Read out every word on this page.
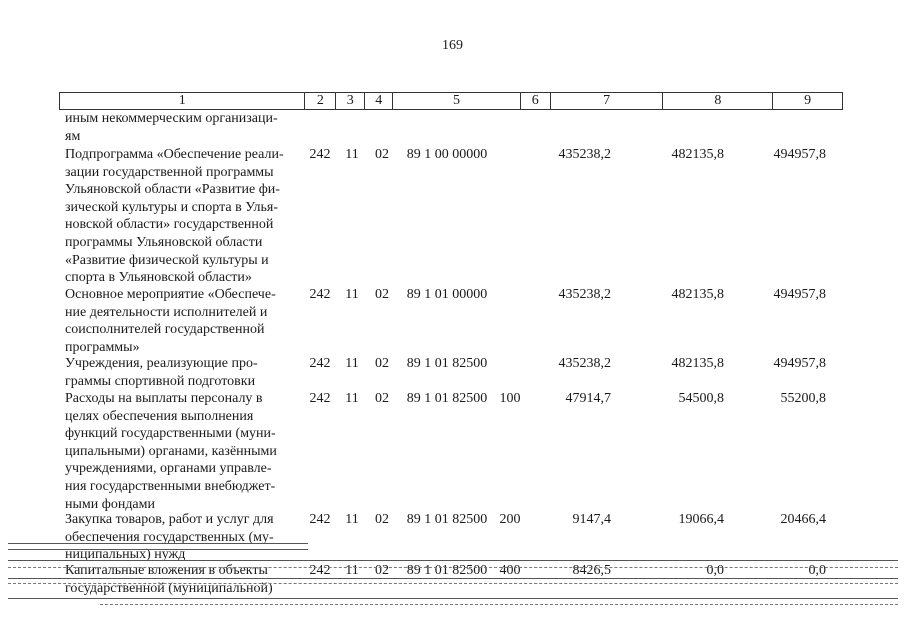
169
1	2	3	4	5	6	7	8	9
иным некоммерческим организаци-
ям
Подпрограмма «Обеспечение реали-
зации государственной программы
Ульяновской области «Развитие фи-
зической культуры и спорта в Улья-
новской области» государственной
программы Ульяновской области
«Развитие физической культуры и
спорта в Ульяновской области»
242	11	02	89 1 00 00000	435238,2	482135,8	494957,8
Основное мероприятие «Обеспече-
ние деятельности исполнителей и
соисполнителей государственной
программы»
242	11	02	89 1 01 00000	435238,2	482135,8	494957,8
Учреждения, реализующие про-
граммы спортивной подготовки
242	11	02	89 1 01 82500	435238,2	482135,8	494957,8
Расходы на выплаты персоналу в
целях обеспечения выполнения
функций государственными (муни-
ципальными) органами, казёнными
учреждениями, органами управле-
ния государственными внебюджет-
ными фондами
242	11	02	89 1 01 82500 100	47914,7	54500,8	55200,8
Закупка товаров, работ и услуг для
обеспечения государственных (му-
ниципальных) нужд
242	11	02	89 1 01 82500 200	9147,4	19066,4	20466,4
Капитальные вложения в объекты
государственной (муниципальной)
242	11	02	89 1 01 82500 400	8426,5	0,0	0,0
